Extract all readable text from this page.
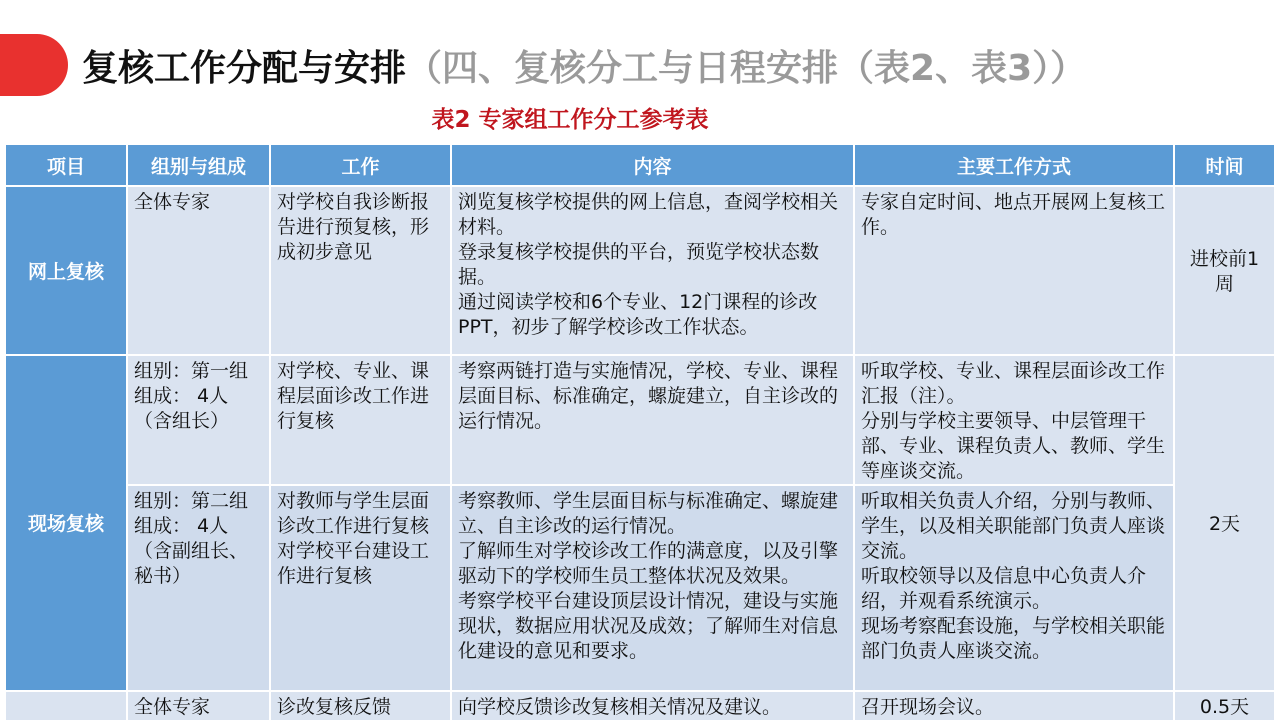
复核工作分配与安排（四、复核分工与日程安排（表2、表3））
表2 专家组工作分工参考表
项目	组别与组成	工作	内容	主要工作方式	时间
网上复核	全体专家	对学校自我诊断报告进行预复核，形成初步意见	浏览复核学校提供的网上信息，查阅学校相关材料。
登录复核学校提供的平台，预览学校状态数据。
通过阅读学校和6个专业、12门课程的诊改PPT，初步了解学校诊改工作状态。	专家自定时间、地点开展网上复核工作。	进校前1周
现场复核	组别：第一组 组成： 4人（含组长）	对学校、专业、课程层面诊改工作进行复核	考察两链打造与实施情况，学校、专业、课程层面目标、标准确定，螺旋建立，自主诊改的运行情况。	听取学校、专业、课程层面诊改工作汇报（注）。
分别与学校主要领导、中层管理干部、专业、课程负责人、教师、学生等座谈交流。	2天
	组别：第二组 组成： 4人（含副组长、秘书）	对教师与学生层面诊改工作进行复核
对学校平台建设工作进行复核	考察教师、学生层面目标与标准确定、螺旋建立、自主诊改的运行情况。
了解师生对学校诊改工作的满意度，以及引擎驱动下的学校师生员工整体状况及效果。
考察学校平台建设顶层设计情况，建设与实施现状，数据应用状况及成效；了解师生对信息化建设的意见和要求。	听取相关负责人介绍，分别与教师、学生，以及相关职能部门负责人座谈交流。
听取校领导以及信息中心负责人介绍，并观看系统演示。
现场考察配套设施，与学校相关职能部门负责人座谈交流。	

	全体专家	诊改复核反馈	向学校反馈诊改复核相关情况及建议。	召开现场会议。	0.5天
